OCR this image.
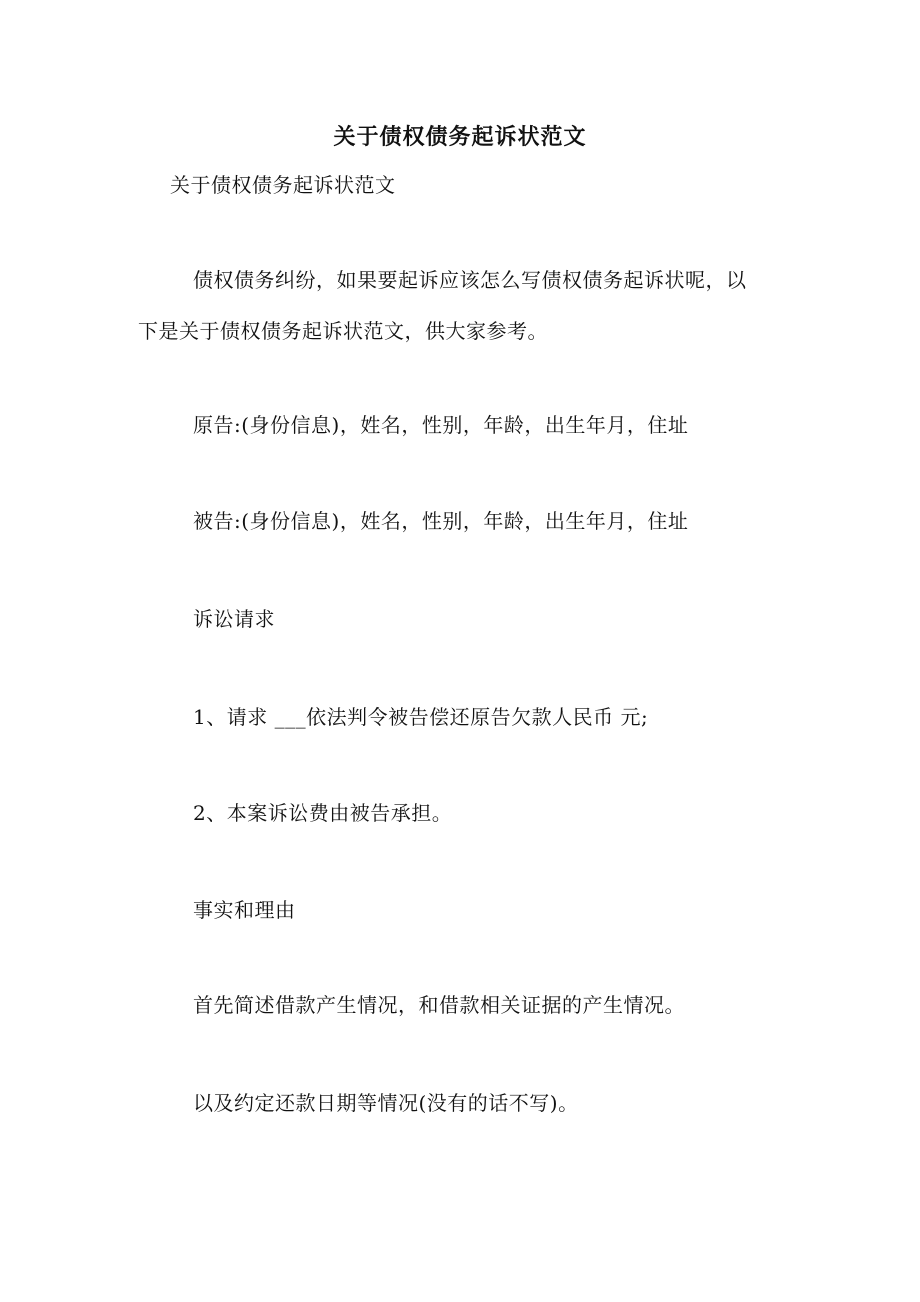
关于债权债务起诉状范文
关于债权债务起诉状范文
债权债务纠纷，如果要起诉应该怎么写债权债务起诉状呢，以
下是关于债权债务起诉状范文，供大家参考。
原告:(身份信息)，姓名，性别，年龄，出生年月，住址
被告:(身份信息)，姓名，性别，年龄，出生年月，住址
诉讼请求
1、请求 ___依法判令被告偿还原告欠款人民币 元;
2、本案诉讼费由被告承担。
事实和理由
首先简述借款产生情况，和借款相关证据的产生情况。
以及约定还款日期等情况(没有的话不写)。
